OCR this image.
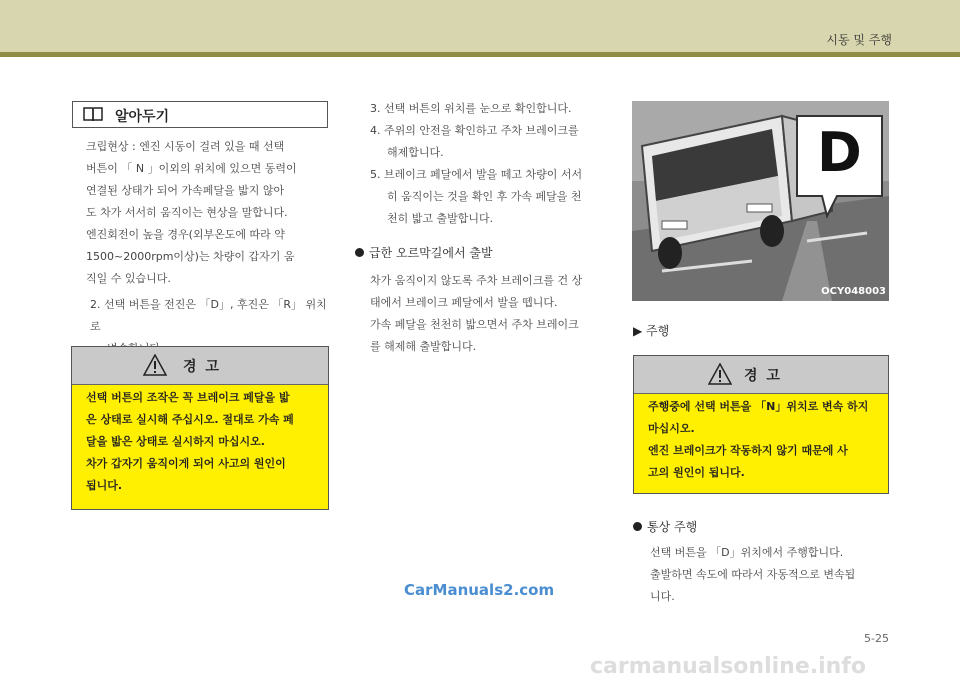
시동 및 주행
알아두기
크립현상 : 엔진 시동이 걸려 있을 때 선택
버튼이 「 N 」이외의 위치에 있으면 동력이
연결된 상태가 되어 가속페달을 밟지 않아
도 차가 서서히 움직이는 현상을 말합니다.
엔진회전이 높을 경우(외부온도에 따라 약
1500~2000rpm이상)는 차량이 갑자기 움
직일 수 있습니다.
2. 선택 버튼을 전진은 「D」, 후진은 「R」 위치로
경 고
선택 버튼의 조작은 꼭 브레이크 페달을 밟
은 상태로 실시해 주십시오. 절대로 가속 페
달을 밟은 상태로 실시하지 마십시오.
차가 갑자기 움직이게 되어 사고의 원인이
됩니다.
3. 선택 버튼의 위치를 눈으로 확인합니다.
4. 주위의 안전을 확인하고 주차 브레이크를
해제합니다.
5. 브레이크 페달에서 발을 떼고 차량이 서서
히 움직이는 것을 확인 후 가속 페달을 천
천히 밟고 출발합니다.
급한 오르막길에서 출발
차가 움직이지 않도록 주차 브레이크를 건 상
태에서 브레이크 페달에서 발을 뗍니다.
가속 페달을 천천히 밟으면서 주차 브레이크
를 해제해 출발합니다.
D
OCY048003
▶ 주행
경 고
주행중에 선택 버튼을 「N」위치로 변속 하지
마십시오.
엔진 브레이크가 작동하지 않기 때문에 사
고의 원인이 됩니다.
통상 주행
선택 버튼을 「D」위치에서 주행합니다.
출발하면 속도에 따라서 자동적으로 변속됩
니다.
CarManuals2.com
5-25
carmanualsonline.info
